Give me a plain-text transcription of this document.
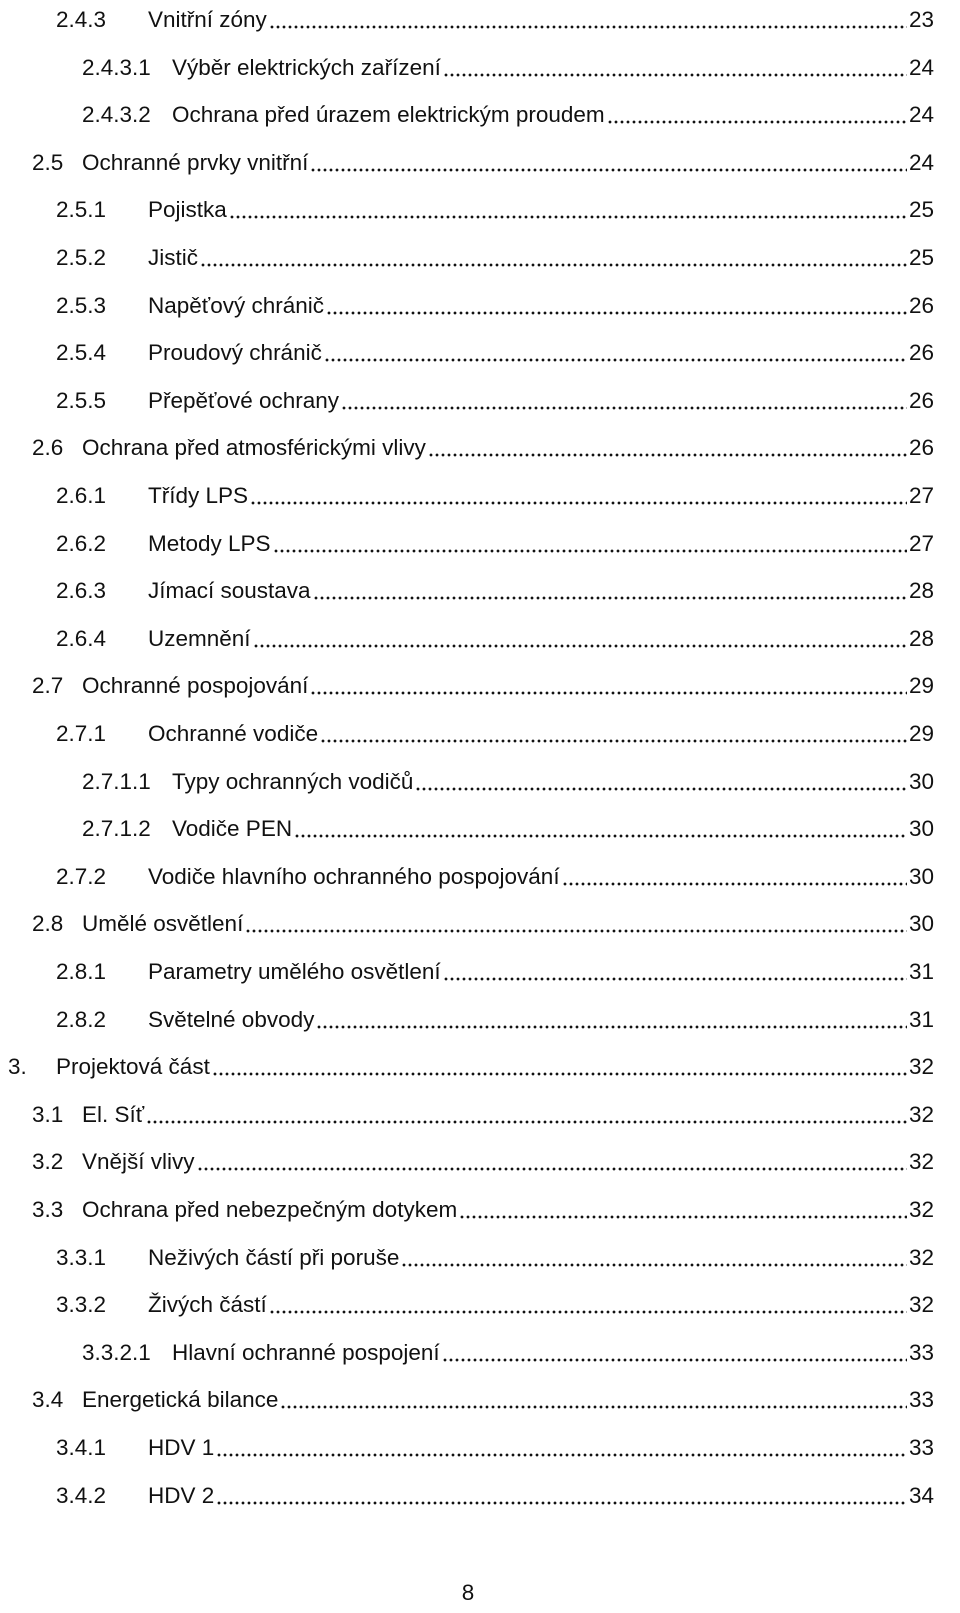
2.4.3	Vnitřní zóny	23
2.4.3.1 Výběr elektrických zařízení	24
2.4.3.2 Ochrana před úrazem elektrickým proudem	24
2.5 Ochranné prvky vnitřní	24
2.5.1	Pojistka	25
2.5.2	Jistič	25
2.5.3	Napěťový chránič	26
2.5.4	Proudový chránič	26
2.5.5	Přepěťové ochrany	26
2.6 Ochrana před atmosférickými vlivy	26
2.6.1	Třídy LPS	27
2.6.2	Metody LPS	27
2.6.3	Jímací soustava	28
2.6.4	Uzemnění	28
2.7 Ochranné pospojování	29
2.7.1	Ochranné vodiče	29
2.7.1.1 Typy ochranných vodičů	30
2.7.1.2 Vodiče PEN	30
2.7.2	Vodiče hlavního ochranného pospojování	30
2.8 Umělé osvětlení	30
2.8.1	Parametry umělého osvětlení	31
2.8.2	Světelné obvody	31
3.	Projektová část	32
3.1 El. Síť	32
3.2 Vnější vlivy	32
3.3 Ochrana před nebezpečným dotykem	32
3.3.1	Neživých částí při poruše	32
3.3.2	Živých částí	32
3.3.2.1 Hlavní ochranné pospojení	33
3.4 Energetická bilance	33
3.4.1	HDV 1	33
3.4.2	HDV 2	34
8
